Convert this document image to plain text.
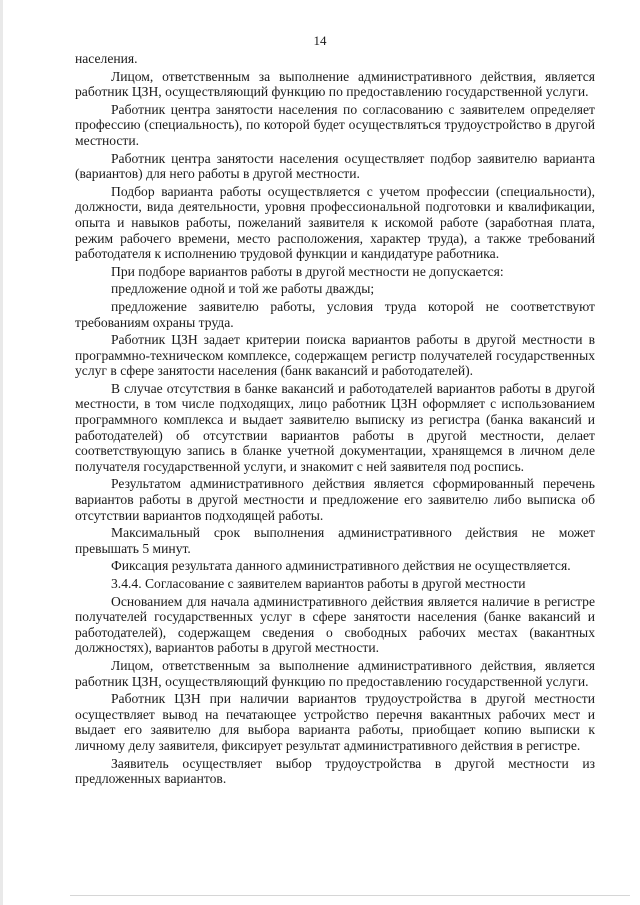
14

населения.

Лицом, ответственным за выполнение административного действия, является работник ЦЗН, осуществляющий функцию по предоставлению государственной услуги.

Работник центра занятости населения по согласованию с заявителем определяет профессию (специальность), по которой будет осуществляться трудоустройство в другой местности.

Работник центра занятости населения осуществляет подбор заявителю варианта (вариантов) для него работы в другой местности.

Подбор варианта работы осуществляется с учетом профессии (специальности), должности, вида деятельности, уровня профессиональной подготовки и квалификации, опыта и навыков работы, пожеланий заявителя к искомой работе (заработная плата, режим рабочего времени, место расположения, характер труда), а также требований работодателя к исполнению трудовой функции и кандидатуре работника.

При подборе вариантов работы в другой местности не допускается:

предложение одной и той же работы дважды;

предложение заявителю работы, условия труда которой не соответствуют требованиям охраны труда.

Работник ЦЗН задает критерии поиска вариантов работы в другой местности в программно-техническом комплексе, содержащем регистр получателей государственных услуг в сфере занятости населения (банк вакансий и работодателей).

В случае отсутствия в банке вакансий и работодателей вариантов работы в другой местности, в том числе подходящих, лицо работник ЦЗН оформляет с использованием программного комплекса и выдает заявителю выписку из регистра (банка вакансий и работодателей) об отсутствии вариантов работы в другой местности, делает соответствующую запись в бланке учетной документации, хранящемся в личном деле получателя государственной услуги, и знакомит с ней заявителя под роспись.

Результатом административного действия является сформированный перечень вариантов работы в другой местности и предложение его заявителю либо выписка об отсутствии вариантов подходящей работы.

Максимальный срок выполнения административного действия не может превышать 5 минут.

Фиксация результата данного административного действия не осуществляется.

3.4.4. Согласование с заявителем вариантов работы в другой местности

Основанием для начала административного действия является наличие в регистре получателей государственных услуг в сфере занятости населения (банке вакансий и работодателей), содержащем сведения о свободных рабочих местах (вакантных должностях), вариантов работы в другой местности.

Лицом, ответственным за выполнение административного действия, является работник ЦЗН, осуществляющий функцию по предоставлению государственной услуги.

Работник ЦЗН при наличии вариантов трудоустройства в другой местности осуществляет вывод на печатающее устройство перечня вакантных рабочих мест и выдает его заявителю для выбора варианта работы, приобщает копию выписки к личному делу заявителя, фиксирует результат административного действия в регистре.

Заявитель осуществляет выбор трудоустройства в другой местности из предложенных вариантов.
